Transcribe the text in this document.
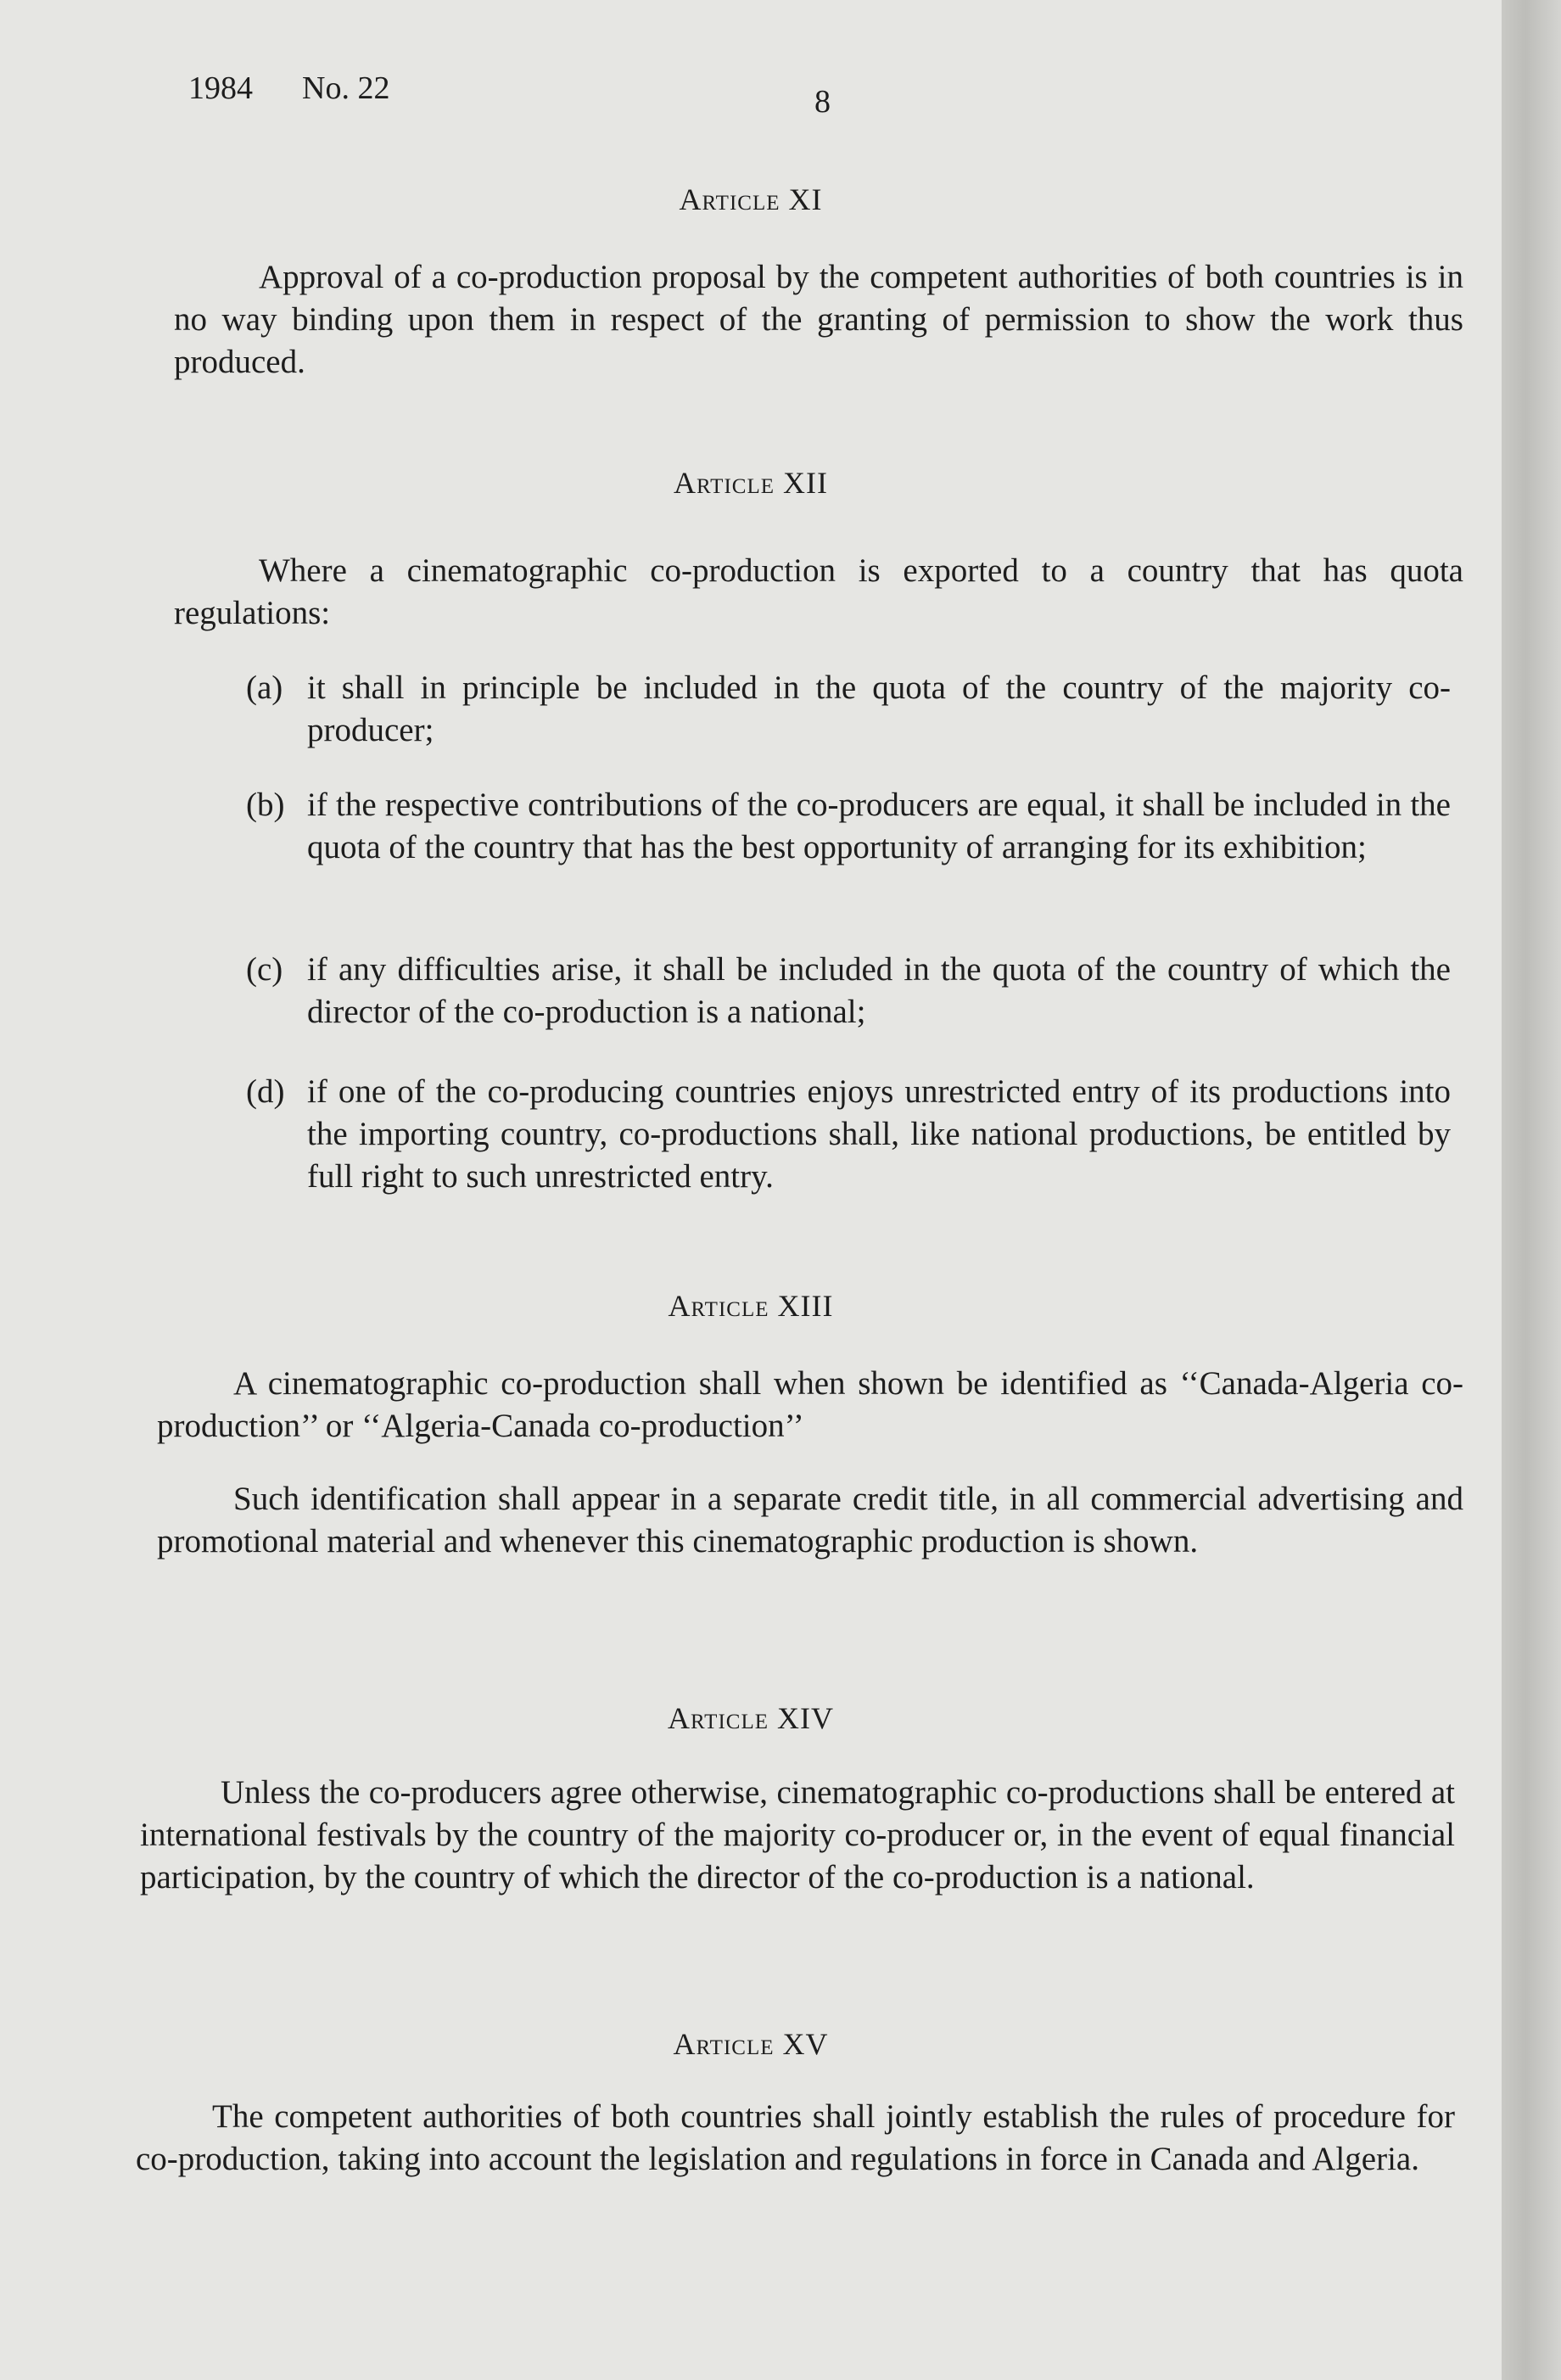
1984 No. 22	8
Article XI

Approval of a co-production proposal by the competent authorities of both countries is in no way binding upon them in respect of the granting of permission to show the work thus produced.

Article XII

Where a cinematographic co-production is exported to a country that has quota regulations:

(a) it shall in principle be included in the quota of the country of the majority co-producer;
(b) if the respective contributions of the co-producers are equal, it shall be included in the quota of the country that has the best opportunity of arranging for its exhibition;
(c) if any difficulties arise, it shall be included in the quota of the country of which the director of the co-production is a national;
(d) if one of the co-producing countries enjoys unrestricted entry of its productions into the importing country, co-productions shall, like national productions, be entitled by full right to such unrestricted entry.
Article XIII

A cinematographic co-production shall when shown be identified as ‘‘Canada-Algeria co-production’’ or ‘‘Algeria-Canada co-production’’

Such identification shall appear in a separate credit title, in all commercial advertising and promotional material and whenever this cinematographic production is shown.

Article XIV

Unless the co-producers agree otherwise, cinematographic co-productions shall be entered at international festivals by the country of the majority co-producer or, in the event of equal financial participation, by the country of which the director of the co-production is a national.

Article XV

The competent authorities of both countries shall jointly establish the rules of procedure for co-production, taking into account the legislation and regulations in force in Canada and Algeria.
